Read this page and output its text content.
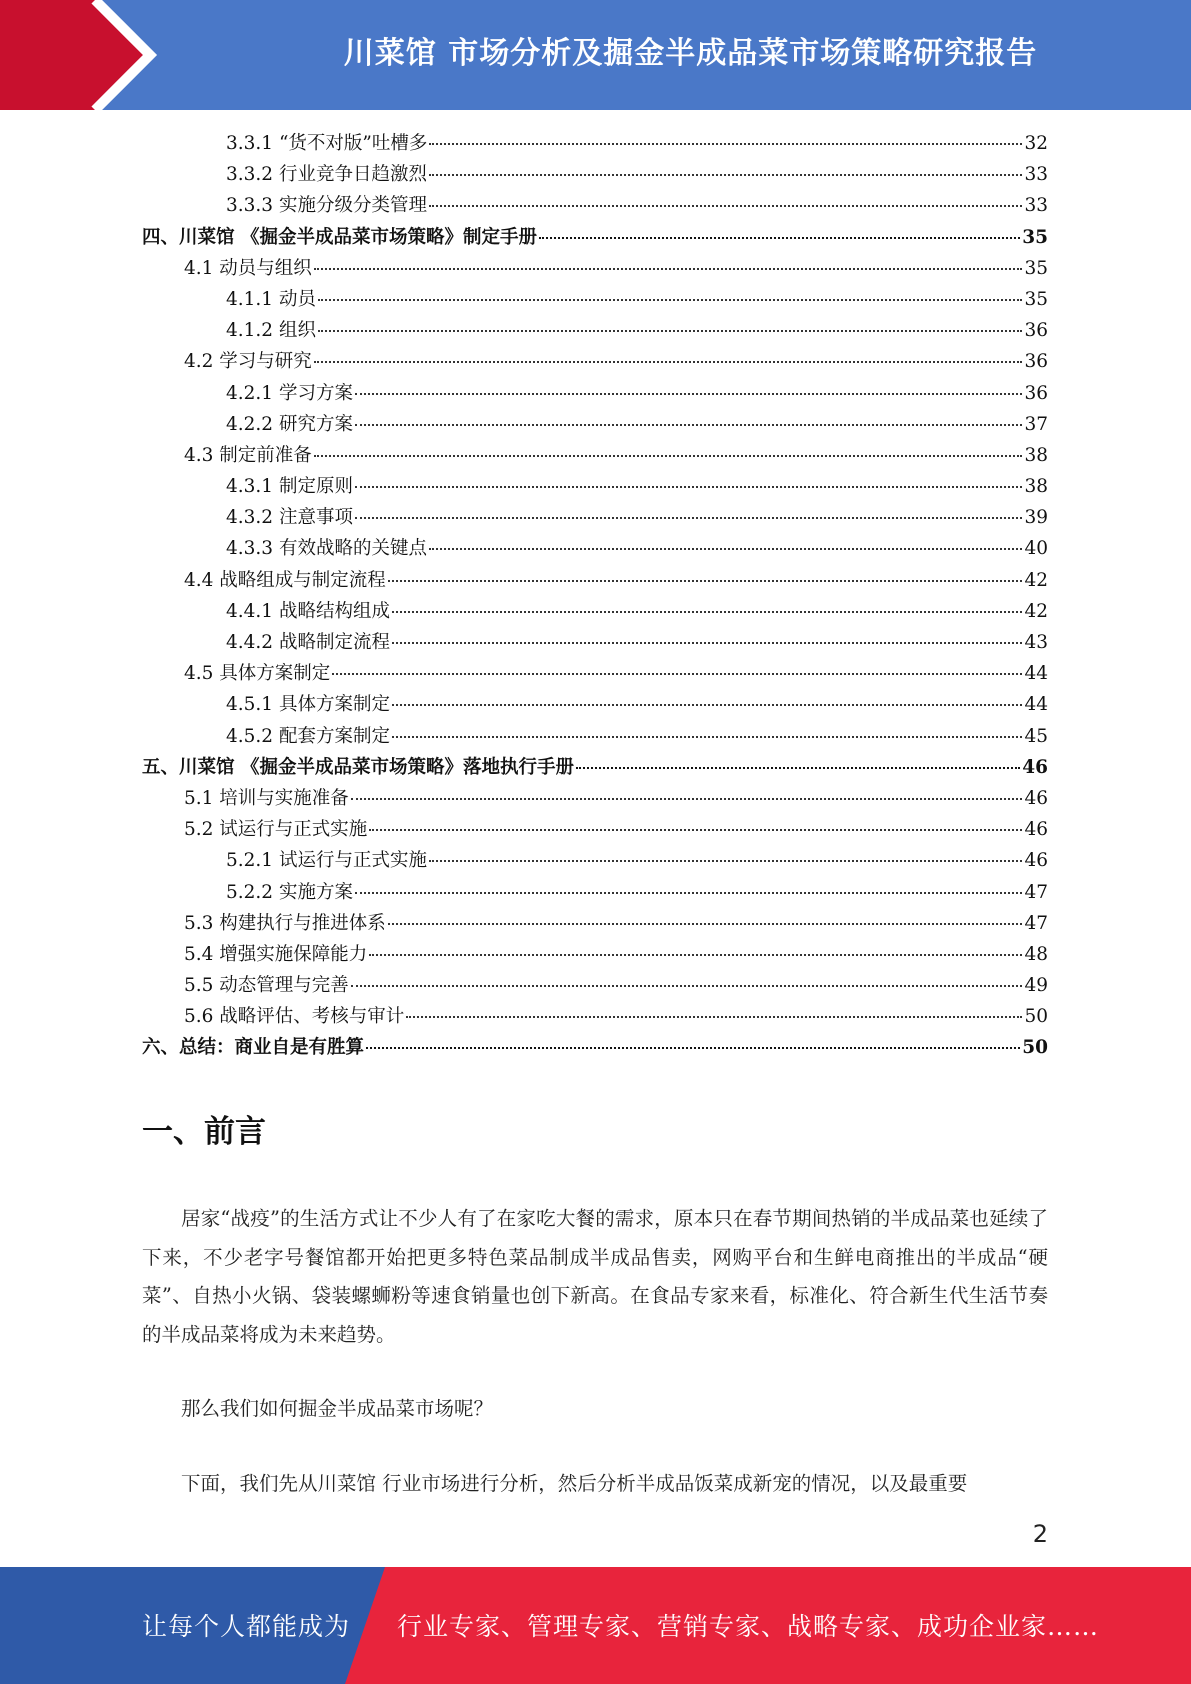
川菜馆 市场分析及掘金半成品菜市场策略研究报告
3.3.1 “货不对版”吐槽多	32
3.3.2 行业竞争日趋激烈	33
3.3.3 实施分级分类管理	33
四、川菜馆 《掘金半成品菜市场策略》制定手册	35
4.1 动员与组织	35
4.1.1 动员	35
4.1.2 组织	36
4.2 学习与研究	36
4.2.1 学习方案	36
4.2.2 研究方案	37
4.3 制定前准备	38
4.3.1 制定原则	38
4.3.2 注意事项	39
4.3.3 有效战略的关键点	40
4.4 战略组成与制定流程	42
4.4.1 战略结构组成	42
4.4.2 战略制定流程	43
4.5 具体方案制定	44
4.5.1 具体方案制定	44
4.5.2 配套方案制定	45
五、川菜馆 《掘金半成品菜市场策略》落地执行手册	46
5.1 培训与实施准备	46
5.2 试运行与正式实施	46
5.2.1 试运行与正式实施	46
5.2.2 实施方案	47
5.3 构建执行与推进体系	47
5.4 增强实施保障能力	48
5.5 动态管理与完善	49
5.6 战略评估、考核与审计	50
六、总结：商业自是有胜算	50
一、前言
居家“战疫”的生活方式让不少人有了在家吃大餐的需求，原本只在春节期间热销的半成品菜也延续了下来，不少老字号餐馆都开始把更多特色菜品制成半成品售卖，网购平台和生鲜电商推出的半成品“硬菜”、自热小火锅、袋装螺蛳粉等速食销量也创下新高。在食品专家来看，标准化、符合新生代生活节奏的半成品菜将成为未来趋势。
那么我们如何掘金半成品菜市场呢？
下面，我们先从川菜馆 行业市场进行分析，然后分析半成品饭菜成新宠的情况，以及最重要
2
让每个人都能成为 行业专家、管理专家、营销专家、战略专家、成功企业家……
